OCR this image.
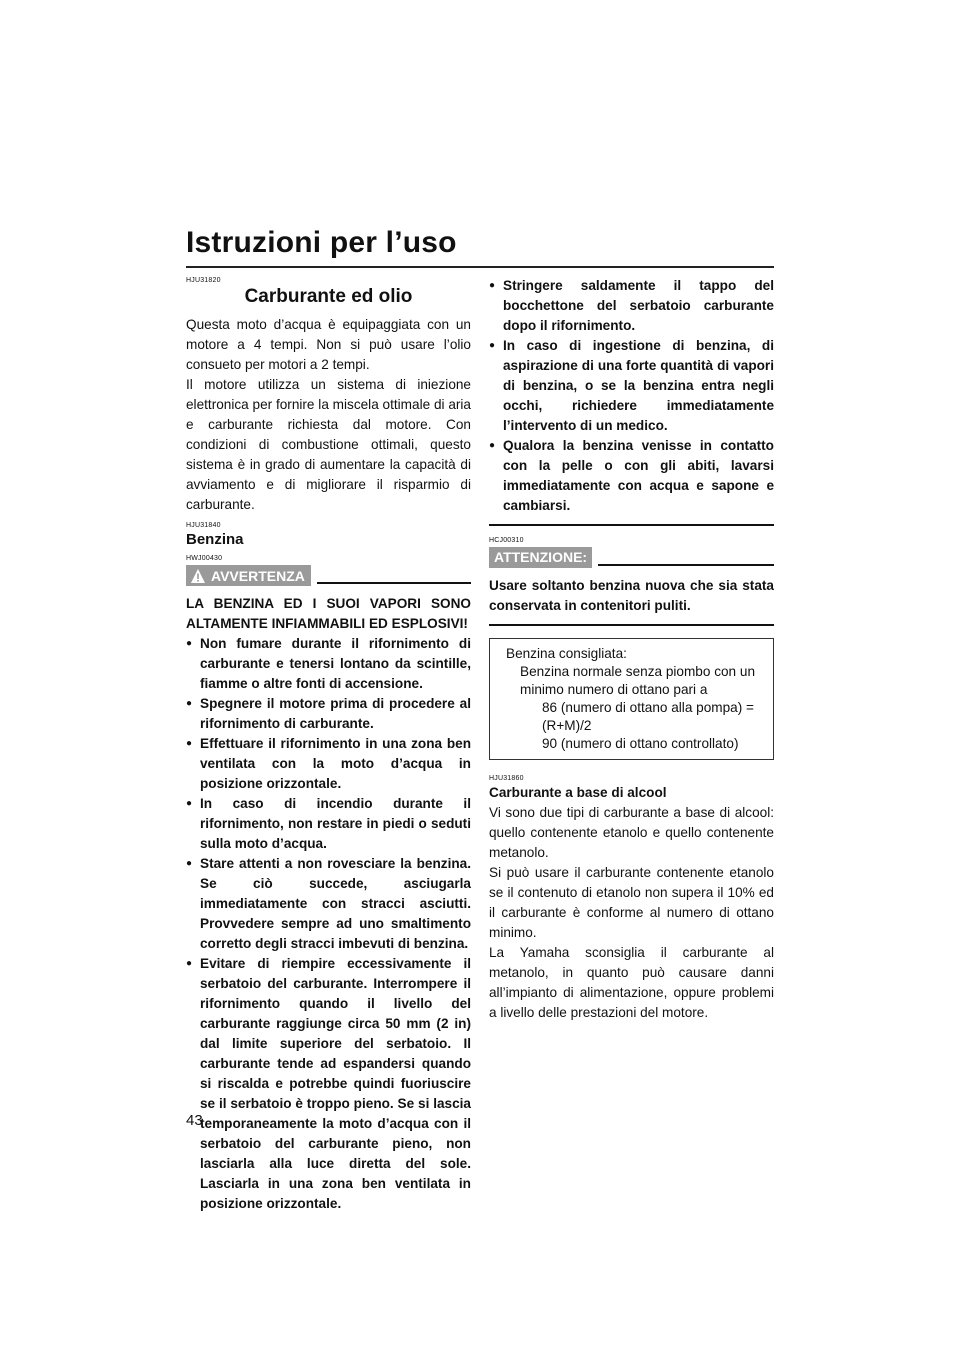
Istruzioni per l’uso
HJU31820
Carburante ed olio

Questa moto d’acqua è equipaggiata con un motore a 4 tempi. Non si può usare l’olio consueto per motori a 2 tempi.

Il motore utilizza un sistema di iniezione elettronica per fornire la miscela ottimale di aria e carburante richiesta dal motore. Con condizioni di combustione ottimali, questo sistema è in grado di aumentare la capacità di avviamento e di migliorare il risparmio di carburante.

HJU31840
Benzina
HWJ00430
AVVERTENZA

LA BENZINA ED I SUOI VAPORI SONO ALTAMENTE INFIAMMABILI ED ESPLOSIVI!

● Non fumare durante il rifornimento di carburante e tenersi lontano da scintille, fiamme o altre fonti di accensione.
● Spegnere il motore prima di procedere al rifornimento di carburante.
● Effettuare il rifornimento in una zona ben ventilata con la moto d’acqua in posizione orizzontale.
● In caso di incendio durante il rifornimento, non restare in piedi o seduti sulla moto d’acqua.
● Stare attenti a non rovesciare la benzina. Se ciò succede, asciugarla immediatamente con stracci asciutti. Provvedere sempre ad uno smaltimento corretto degli stracci imbevuti di benzina.
● Evitare di riempire eccessivamente il serbatoio del carburante. Interrompere il rifornimento quando il livello del carburante raggiunge circa 50 mm (2 in) dal limite superiore del serbatoio. Il carburante tende ad espandersi quando si riscalda e potrebbe quindi fuoriuscire se il serbatoio è troppo pieno. Se si lascia temporaneamente la moto d’acqua con il serbatoio del carburante pieno, non lasciarla alla luce diretta del sole. Lasciarla in una zona ben ventilata in posizione orizzontale.
● Stringere saldamente il tappo del bocchettone del serbatoio carburante dopo il rifornimento.
● In caso di ingestione di benzina, di aspirazione di una forte quantità di vapori di benzina, o se la benzina entra negli occhi, richiedere immediatamente l’intervento di un medico.
● Qualora la benzina venisse in contatto con la pelle o con gli abiti, lavarsi immediatamente con acqua e sapone e cambiarsi.
HCJ00310
ATTENZIONE:

Usare soltanto benzina nuova che sia stata conservata in contenitori puliti.

Benzina consigliata:
Benzina normale senza piombo con un minimo numero di ottano pari a
86 (numero di ottano alla pompa) = (R+M)/2
90 (numero di ottano controllato)
HJU31860
Carburante a base di alcool

Vi sono due tipi di carburante a base di alcool: quello contenente etanolo e quello contenente metanolo.

Si può usare il carburante contenente etanolo se il contenuto di etanolo non supera il 10% ed il carburante è conforme al numero di ottano minimo.

La Yamaha sconsiglia il carburante al metanolo, in quanto può causare danni all’impianto di alimentazione, oppure problemi a livello delle prestazioni del motore.

43
